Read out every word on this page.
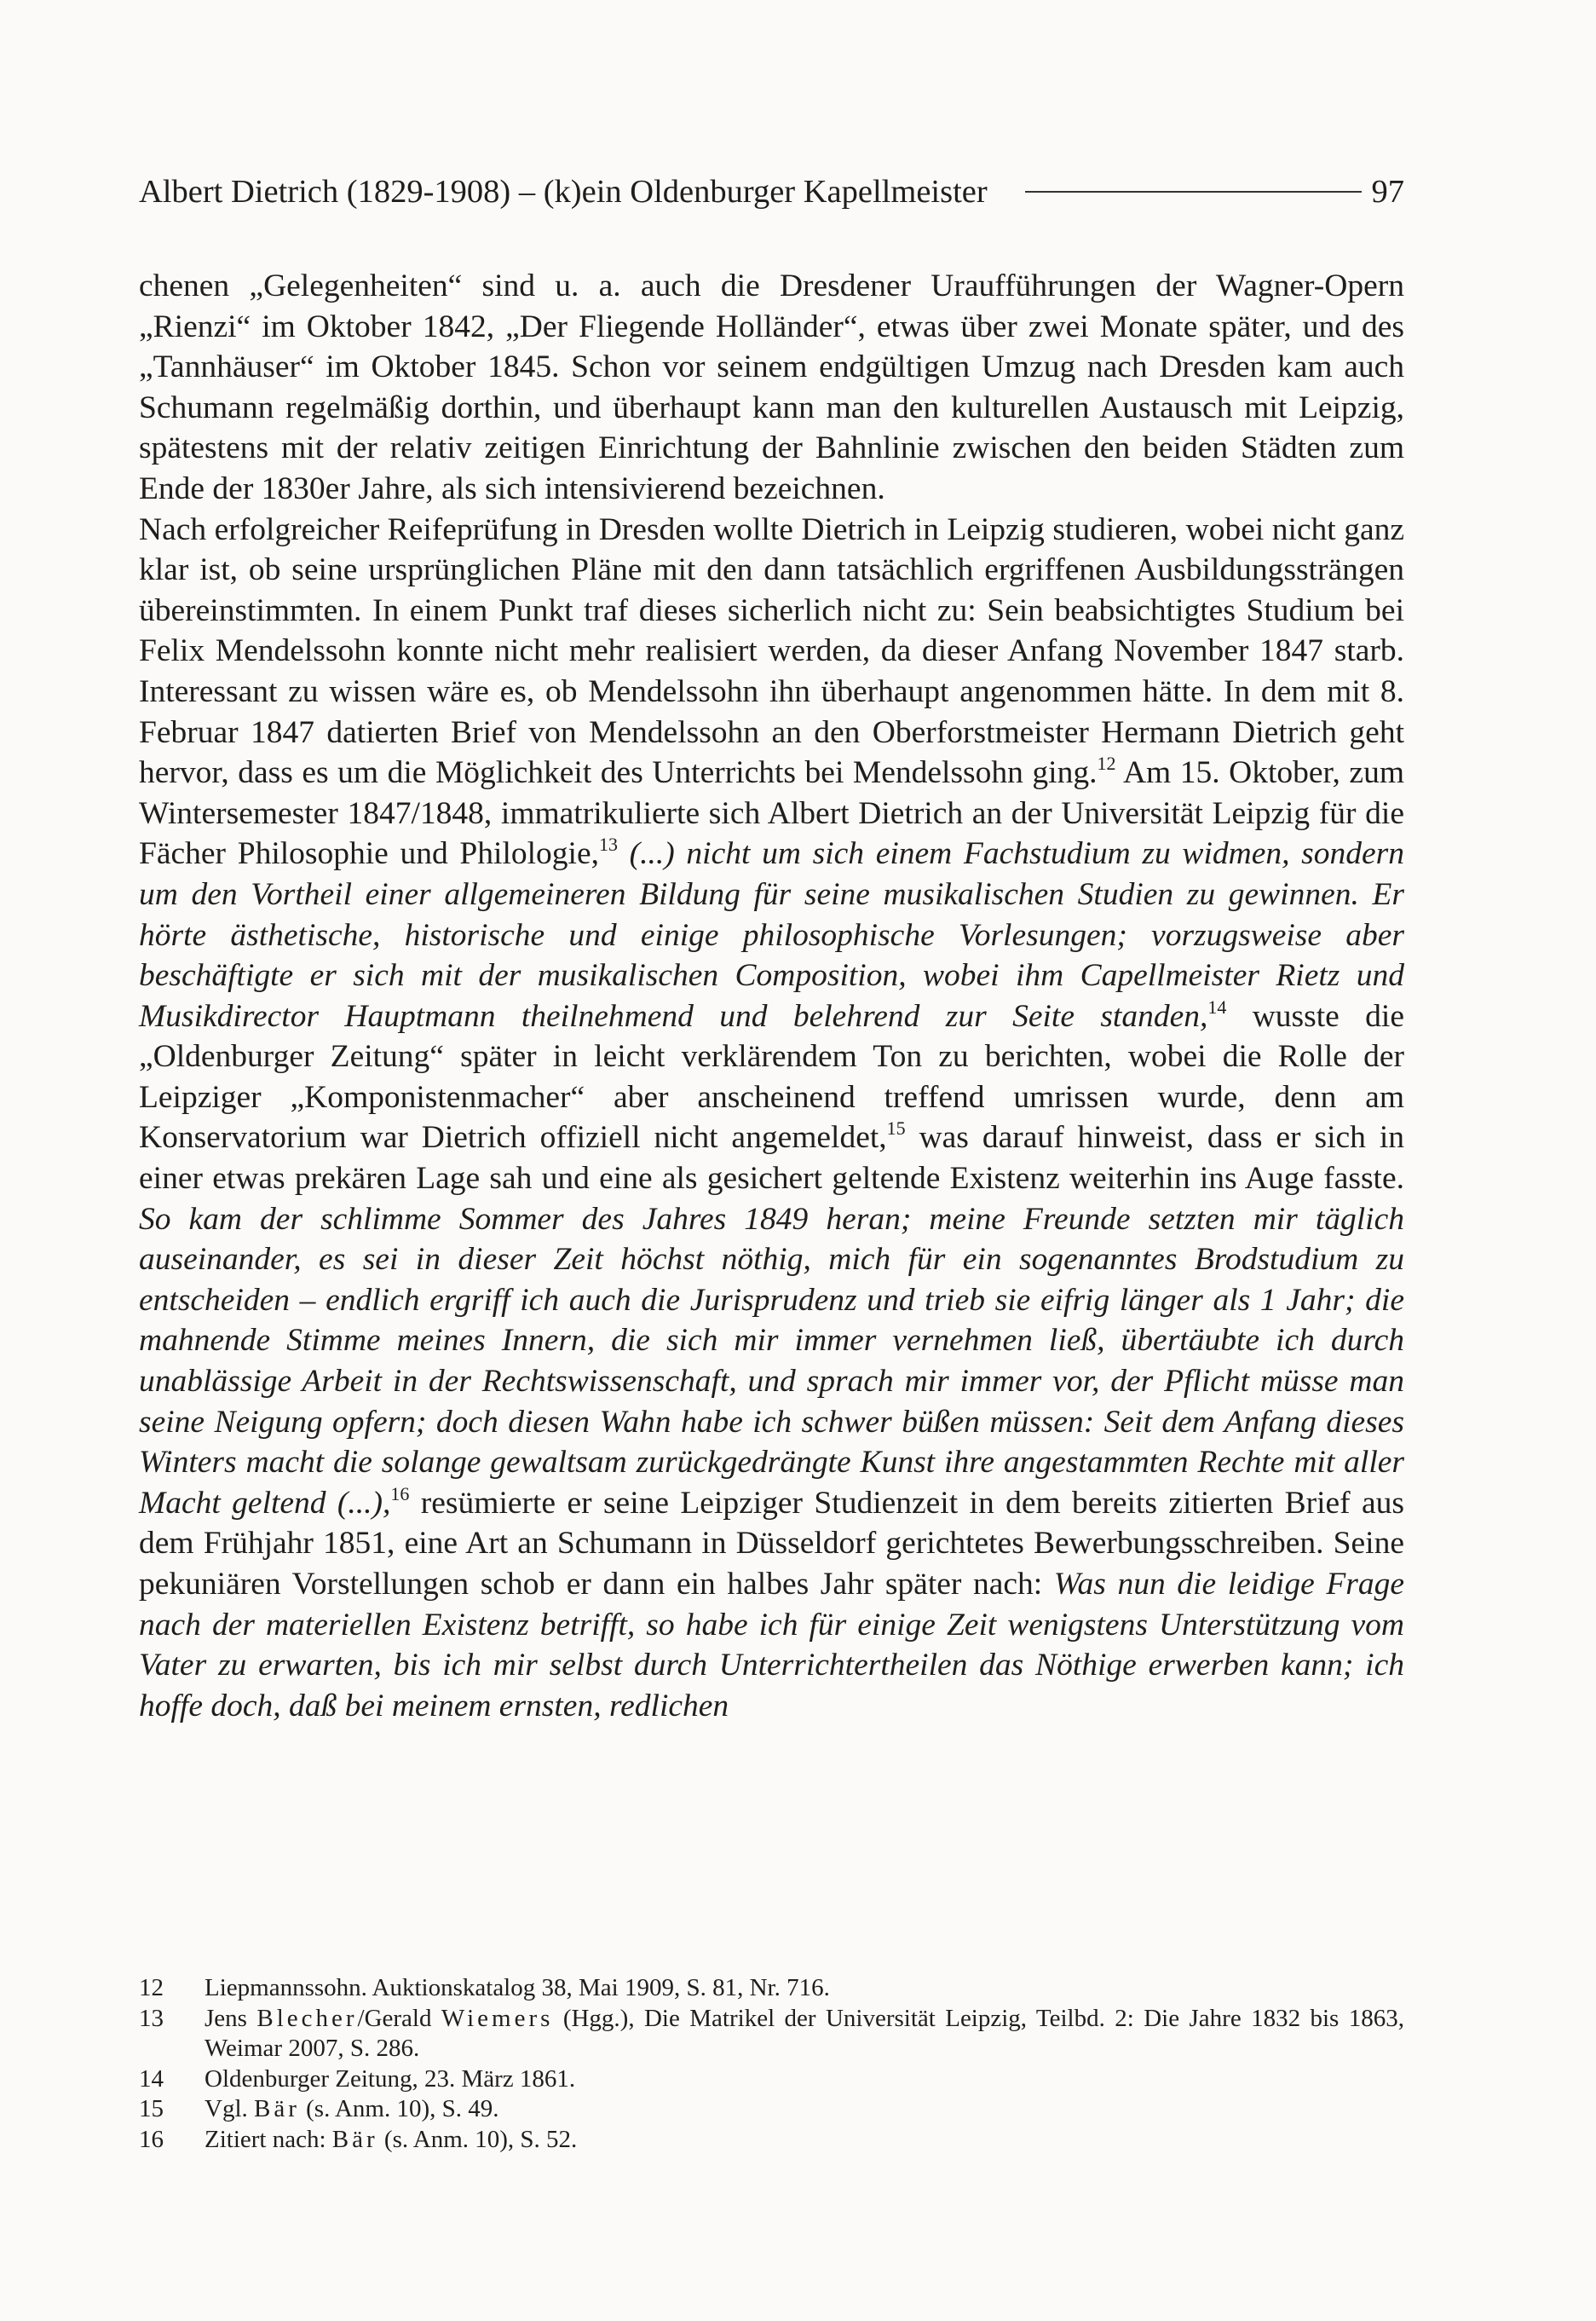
Albert Dietrich (1829-1908) – (k)ein Oldenburger Kapellmeister	97

chenen „Gelegenheiten“ sind u. a. auch die Dresdener Uraufführungen der Wagner-Opern „Rienzi“ im Oktober 1842, „Der Fliegende Holländer“, etwas über zwei Monate später, und des „Tannhäuser“ im Oktober 1845. Schon vor seinem endgültigen Umzug nach Dresden kam auch Schumann regelmäßig dorthin, und überhaupt kann man den kulturellen Austausch mit Leipzig, spätestens mit der relativ zeitigen Einrichtung der Bahnlinie zwischen den beiden Städten zum Ende der 1830er Jahre, als sich intensivierend bezeichnen.

Nach erfolgreicher Reifeprüfung in Dresden wollte Dietrich in Leipzig studieren, wobei nicht ganz klar ist, ob seine ursprünglichen Pläne mit den dann tatsächlich ergriffenen Ausbildungssträngen übereinstimmten. In einem Punkt traf dieses sicherlich nicht zu: Sein beabsichtigtes Studium bei Felix Mendelssohn konnte nicht mehr realisiert werden, da dieser Anfang November 1847 starb. Interessant zu wissen wäre es, ob Mendelssohn ihn überhaupt angenommen hätte. In dem mit 8. Februar 1847 datierten Brief von Mendelssohn an den Oberforstmeister Hermann Dietrich geht hervor, dass es um die Möglichkeit des Unterrichts bei Mendelssohn ging.$^{12}$ Am 15. Oktober, zum Wintersemester 1847/1848, immatrikulierte sich Albert Dietrich an der Universität Leipzig für die Fächer Philosophie und Philologie,$^{13}$ (...) nicht um sich einem Fachstudium zu widmen, sondern um den Vortheil einer allgemeineren Bildung für seine musikalischen Studien zu gewinnen. Er hörte ästhetische, historische und einige philosophische Vorlesungen; vorzugsweise aber beschäftigte er sich mit der musikalischen Composition, wobei ihm Capellmeister Rietz und Musikdirector Hauptmann theilnehmend und belehrend zur Seite standen,$^{14}$ wusste die „Oldenburger Zeitung“ später in leicht verklärendem Ton zu berichten, wobei die Rolle der Leipziger „Komponistenmacher“ aber anscheinend treffend umrissen wurde, denn am Konservatorium war Dietrich offiziell nicht angemeldet,$^{15}$ was darauf hinweist, dass er sich in einer etwas prekären Lage sah und eine als gesichert geltende Existenz weiterhin ins Auge fasste. So kam der schlimme Sommer des Jahres 1849 heran; meine Freunde setzten mir täglich auseinander, es sei in dieser Zeit höchst nöthig, mich für ein sogenanntes Brodstudium zu entscheiden – endlich ergriff ich auch die Jurisprudenz und trieb sie eifrig länger als 1 Jahr; die mahnende Stimme meines Innern, die sich mir immer vernehmen ließ, übertäubte ich durch unablässige Arbeit in der Rechtswissenschaft, und sprach mir immer vor, der Pflicht müsse man seine Neigung opfern; doch diesen Wahn habe ich schwer büßen müssen: Seit dem Anfang dieses Winters macht die solange gewaltsam zurückgedrängte Kunst ihre angestammten Rechte mit aller Macht geltend (...),$^{16}$ resümierte er seine Leipziger Studienzeit in dem bereits zitierten Brief aus dem Frühjahr 1851, eine Art an Schumann in Düsseldorf gerichtetes Bewerbungsschreiben. Seine pekuniären Vorstellungen schob er dann ein halbes Jahr später nach: Was nun die leidige Frage nach der materiellen Existenz betrifft, so habe ich für einige Zeit wenigstens Unterstützung vom Vater zu erwarten, bis ich mir selbst durch Unterrichtertheilen das Nöthige erwerben kann; ich hoffe doch, daß bei meinem ernsten, redlichen

12	Liepmannssohn. Auktionskatalog 38, Mai 1909, S. 81, Nr. 716.
13	Jens Blecher/Gerald Wiemers (Hgg.), Die Matrikel der Universität Leipzig, Teilbd. 2: Die Jahre 1832 bis 1863, Weimar 2007, S. 286.
14	Oldenburger Zeitung, 23. März 1861.
15	Vgl. Bär (s. Anm. 10), S. 49.
16	Zitiert nach: Bär (s. Anm. 10), S. 52.
